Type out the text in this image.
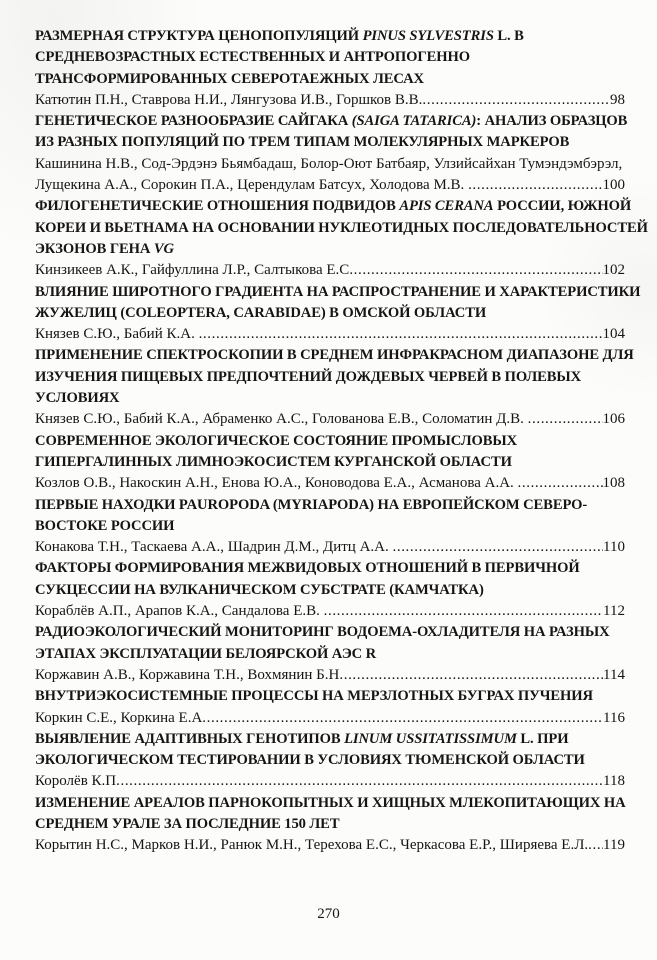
РАЗМЕРНАЯ СТРУКТУРА ЦЕНОПОПУЛЯЦИЙ PINUS SYLVESTRIS L. В
СРЕДНЕВОЗРАСТНЫХ ЕСТЕСТВЕННЫХ И АНТРОПОГЕННО
ТРАНСФОРМИРОВАННЫХ СЕВЕРОТАЕЖНЫХ ЛЕСАХ
Катютин П.Н., Ставрова Н.И., Лянгузова И.В., Горшков В.В. .....	98
ГЕНЕТИЧЕСКОЕ РАЗНООБРАЗИЕ САЙГАКА (SAIGA TATARICA): АНАЛИЗ ОБРАЗЦОВ
ИЗ РАЗНЫХ ПОПУЛЯЦИЙ ПО ТРЕМ ТИПАМ МОЛЕКУЛЯРНЫХ МАРКЕРОВ
Кашинина Н.В., Сод-Эрдэнэ Бьямбадаш, Болор-Оют Батбаяр, Улзийсайхан Тумэндэмбэрэл,
Лущекина А.А., Сорокин П.А., Церендулам Батсух, Холодова М.В. .....	100
ФИЛОГЕНЕТИЧЕСКИЕ ОТНОШЕНИЯ ПОДВИДОВ APIS CERANA РОССИИ, ЮЖНОЙ
КОРЕИ И ВЬЕТНАМА НА ОСНОВАНИИ НУКЛЕОТИДНЫХ ПОСЛЕДОВАТЕЛЬНОСТЕЙ
ЭКЗОНОВ ГЕНА VG
Кинзикеев А.К., Гайфуллина Л.Р., Салтыкова Е.С .....	102
ВЛИЯНИЕ ШИРОТНОГО ГРАДИЕНТА НА РАСПРОСТРАНЕНИЕ И ХАРАКТЕРИСТИКИ
ЖУЖЕЛИЦ (COLEOPTERA, CARABIDAE) В ОМСКОЙ ОБЛАСТИ
Князев С.Ю., Бабий К.А. .....	104
ПРИМЕНЕНИЕ СПЕКТРОСКОПИИ В СРЕДНЕМ ИНФРАКРАСНОМ ДИАПАЗОНЕ ДЛЯ
ИЗУЧЕНИЯ ПИЩЕВЫХ ПРЕДПОЧТЕНИЙ ДОЖДЕВЫХ ЧЕРВЕЙ В ПОЛЕВЫХ
УСЛОВИЯХ
Князев С.Ю., Бабий К.А., Абраменко А.С., Голованова Е.В., Соломатин Д.В. .....	106
СОВРЕМЕННОЕ ЭКОЛОГИЧЕСКОЕ СОСТОЯНИЕ ПРОМЫСЛОВЫХ
ГИПЕРГАЛИННЫХ ЛИМНОЭКОСИСТЕМ КУРГАНСКОЙ ОБЛАСТИ
Козлов О.В., Накоскин А.Н., Енова Ю.А., Коноводова Е.А., Асманова А.А. .....	108
ПЕРВЫЕ НАХОДКИ PAUROPODA (MYRIAPODA) НА ЕВРОПЕЙСКОМ СЕВЕРО-
ВОСТОКЕ РОССИИ
Конакова Т.Н., Таскаева А.А., Шадрин Д.М., Дитц А.А. .....	110
ФАКТОРЫ ФОРМИРОВАНИЯ МЕЖВИДОВЫХ ОТНОШЕНИЙ В ПЕРВИЧНОЙ
СУКЦЕССИИ НА ВУЛКАНИЧЕСКОМ СУБСТРАТЕ (КАМЧАТКА)
Кораблёв А.П., Арапов К.А., Сандалова Е.В. .....	112
РАДИОЭКОЛОГИЧЕСКИЙ МОНИТОРИНГ ВОДОЕМА-ОХЛАДИТЕЛЯ НА РАЗНЫХ
ЭТАПАХ ЭКСПЛУАТАЦИИ БЕЛОЯРСКОЙ АЭС R
Коржавин А.В., Коржавина Т.Н., Вохмянин Б.Н .....	114
ВНУТРИЭКОСИСТЕМНЫЕ ПРОЦЕССЫ НА МЕРЗЛОТНЫХ БУГРАХ ПУЧЕНИЯ
Коркин С.Е., Коркина Е.А .....	116
ВЫЯВЛЕНИЕ АДАПТИВНЫХ ГЕНОТИПОВ LINUM USSITATISSIMUM L. ПРИ
ЭКОЛОГИЧЕСКОМ ТЕСТИРОВАНИИ В УСЛОВИЯХ ТЮМЕНСКОЙ ОБЛАСТИ
Королёв К.П .....	118
ИЗМЕНЕНИЕ АРЕАЛОВ ПАРНОКОПЫТНЫХ И ХИЩНЫХ МЛЕКОПИТАЮЩИХ НА
СРЕДНЕМ УРАЛЕ ЗА ПОСЛЕДНИЕ 150 ЛЕТ
Корытин Н.С., Марков Н.И., Ранюк М.Н., Терехова Е.С., Черкасова Е.Р., Ширяева Е.Л. ..... 119
270
